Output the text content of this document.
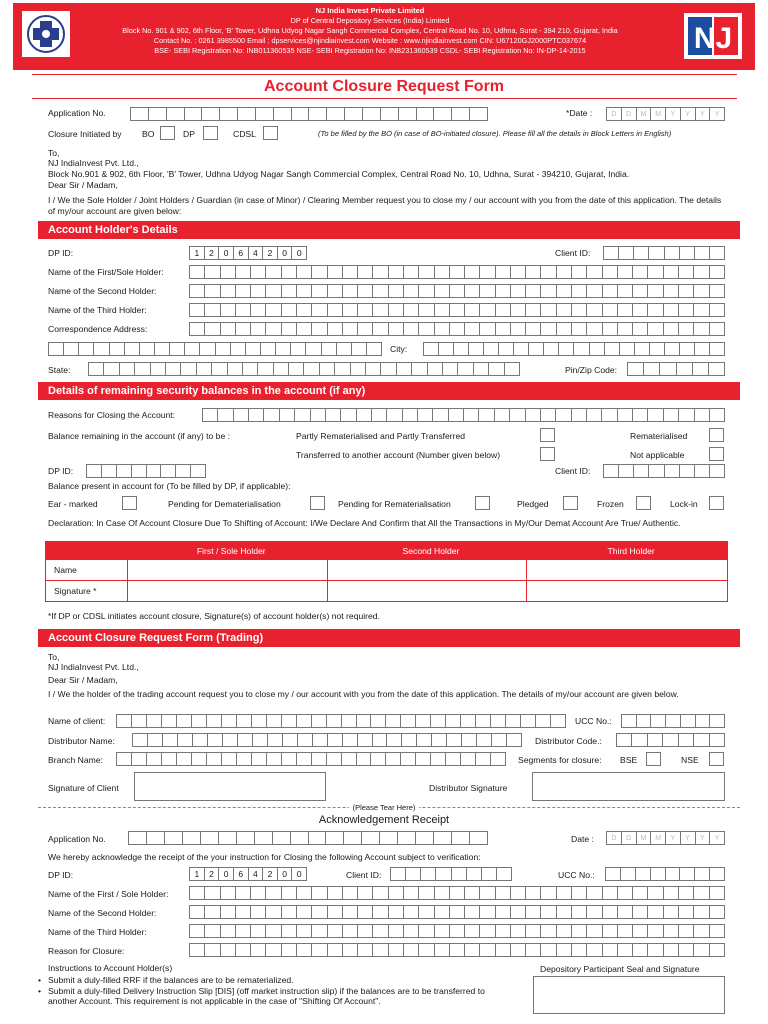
NJ India Invest Private Limited
DP of Central Depository Services (India) Limited
Block No. 901 & 902, 6th Floor, 'B' Tower, Udhna Udyog Nagar Sangh Commercial Complex, Central Road No. 10, Udhna, Surat - 394 210, Gujarat, India
Contact No. : 0261 3985500 Email : dpservices@njindiainvest.com Website : www.njindiainvest.com CIN: U67120GJ2000PTC037674
BSE- SEBI Registration No: INB011360535 NSE- SEBI Registration No: INB231360539 CSDL- SEBI Registration No: IN-DP-14-2015	NJ
Account Closure Request Form
Application No.	*Date :	D	D	M	M	Y	Y	Y	Y
Closure Initiated by BO	DP	CDSL	(To be filled by the BO (in case of BO-initiated closure). Please fill all the details in Block Letters in English)
To,
NJ IndiaInvest Pvt. Ltd.,
Block No.901 & 902, 6th Floor, 'B' Tower, Udhna Udyog Nagar Sangh Commercial Complex, Central Road No. 10, Udhna, Surat - 394210, Gujarat, India.
Dear Sir / Madam,
I / We the Sole Holder / Joint Holders / Guardian (in case of Minor) / Clearing Member request you to close my / our account with you from the date of this application. The details of my/our account are given below:
Account Holder's Details
DP ID:	1	2	0	6	4	2	0	0	Client ID:
Name of the First/Sole Holder:
Name of the Second Holder:
Name of the Third Holder:
Correspondence Address:
City:
State:	Pin/Zip Code:
Details of remaining security balances in the account (if any)
Reasons for Closing the Account:
Balance remaining in the account (if any) to be :	Partly Rematerialised and Partly Transferred	Rematerialised
Transferred to another account (Number given below)	Not applicable
DP ID:	Client ID:
Balance present in account for (To be filled by DP, if applicable):
Ear - marked	Pending for Dematerialisation	Pending for Rematerialisation	Pledged	Frozen	Lock-in
Declaration: In Case Of Account Closure Due To Shifting of Account: I/We Declare And Confirm that All the Transactions in My/Our Demat Account Are True/ Authentic.
	First / Sole Holder	Second Holder	Third Holder
Name			
Signature *			
*If DP or CDSL initiates account closure, Signature(s) of account holder(s) not required.
Account Closure Request Form (Trading)
To,
NJ IndiaInvest Pvt. Ltd.,
Dear Sir / Madam,
I / We the holder of the trading account request you to close my / our account with you from the date of this application. The details of my/our account are given below.
Name of client:	UCC No.:
Distributor Name:	Distributor Code.:
Branch Name:	Segments for closure: BSE	NSE
Signature of Client	Distributor Signature
(Please Tear Here)
Acknowledgement Receipt
Application No.	Date :	D	D	M	M	Y	Y	Y	Y
We hereby acknowledge the receipt of the your instruction for Closing the following Account subject to verification:
DP ID:	1	2	0	6	4	2	0	0	Client ID:	UCC No.:
Name of the First / Sole Holder:
Name of the Second Holder:
Name of the Third Holder:
Reason for Closure:
Instructions to Account Holder(s)	Depository Participant Seal and Signature
• Submit a duly-filled RRF if the balances are to be rematerialized.
• Submit a duly-filled Delivery Instruction Slip [DIS] (off market instruction slip) if the balances are to be transferred to another Account. This requirement is not applicable in the case of "Shifting Of Account".
